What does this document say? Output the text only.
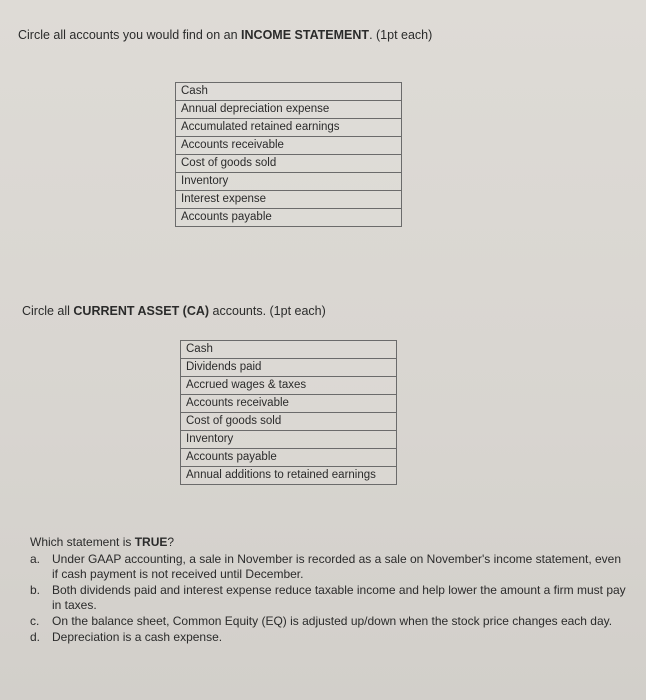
Circle all accounts you would find on an INCOME STATEMENT. (1pt each)
Cash
Annual depreciation expense
Accumulated retained earnings
Accounts receivable
Cost of goods sold
Inventory
Interest expense
Accounts payable
Circle all CURRENT ASSET (CA) accounts. (1pt each)
Cash
Dividends paid
Accrued wages & taxes
Accounts receivable
Cost of goods sold
Inventory
Accounts payable
Annual additions to retained earnings
Which statement is TRUE?
a. Under GAAP accounting, a sale in November is recorded as a sale on November's income statement, even if cash payment is not received until December.
b. Both dividends paid and interest expense reduce taxable income and help lower the amount a firm must pay in taxes.
c.	On the balance sheet, Common Equity (EQ) is adjusted up/down when the stock price changes each day.
d. Depreciation is a cash expense.
